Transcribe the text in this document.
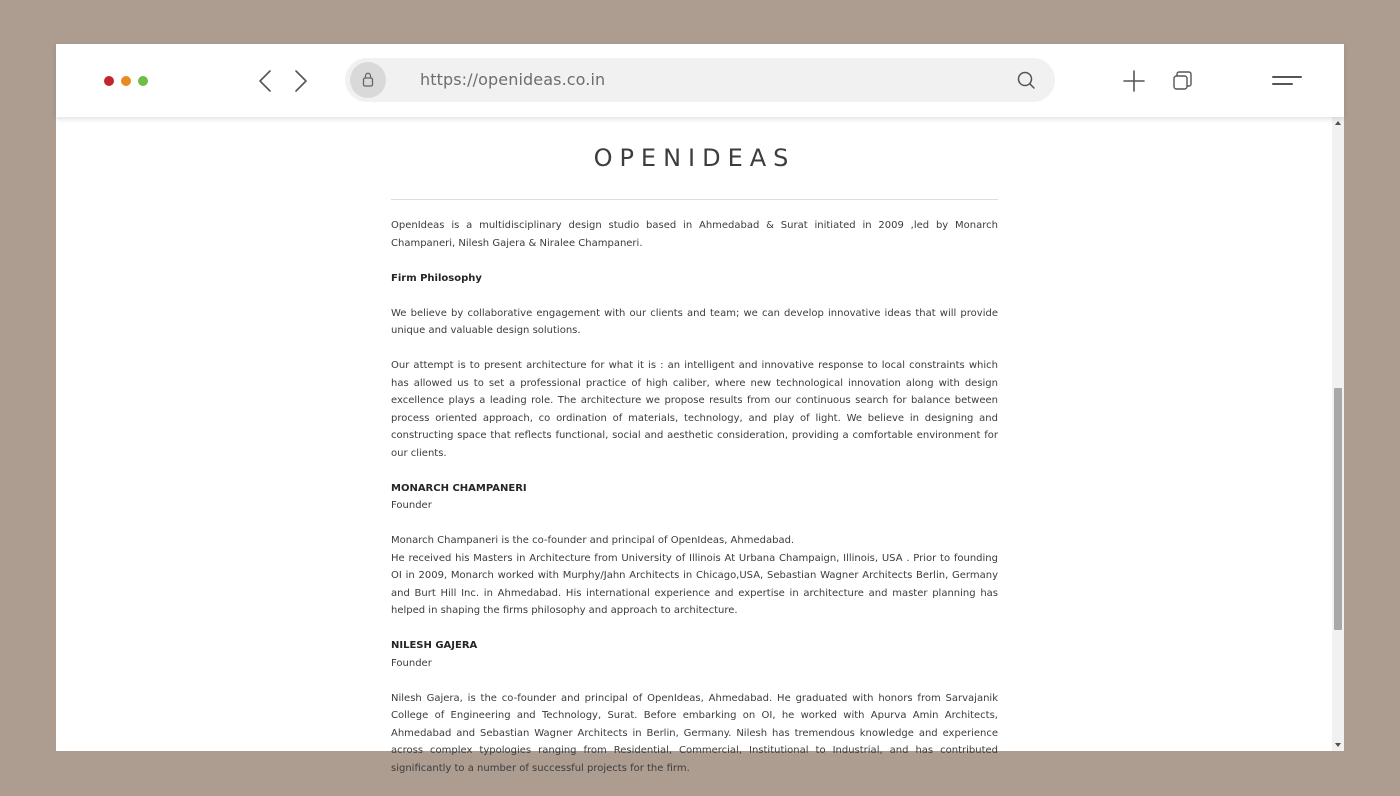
https://openideas.co.in
OPENIDEAS

OpenIdeas is a multidisciplinary design studio based in Ahmedabad & Surat initiated in 2009 ,led by Monarch Champaneri, Nilesh Gajera & Niralee Champaneri.

Firm Philosophy

We believe by collaborative engagement with our clients and team; we can develop innovative ideas that will provide unique and valuable design solutions.

Our attempt is to present architecture for what it is : an intelligent and innovative response to local constraints which has allowed us to set a professional practice of high caliber, where new technological innovation along with design excellence plays a leading role. The architecture we propose results from our continuous search for balance between process oriented approach, co ordination of materials, technology, and play of light. We believe in designing and constructing space that reflects functional, social and aesthetic consideration, providing a comfortable environment for our clients.

MONARCH CHAMPANERI

Founder

Monarch Champaneri is the co-founder and principal of OpenIdeas, Ahmedabad.

He received his Masters in Architecture from University of Illinois At Urbana Champaign, Illinois, USA . Prior to founding OI in 2009, Monarch worked with Murphy/Jahn Architects in Chicago,USA, Sebastian Wagner Architects Berlin, Germany and Burt Hill Inc. in Ahmedabad. His international experience and expertise in architecture and master planning has helped in shaping the firms philosophy and approach to architecture.

NILESH GAJERA

Founder

Nilesh Gajera, is the co-founder and principal of OpenIdeas, Ahmedabad. He graduated with honors from Sarvajanik College of Engineering and Technology, Surat. Before embarking on OI, he worked with Apurva Amin Architects, Ahmedabad and Sebastian Wagner Architects in Berlin, Germany. Nilesh has tremendous knowledge and experience across complex typologies ranging from Residential, Commercial, Institutional to Industrial, and has contributed significantly to a number of successful projects for the firm.
